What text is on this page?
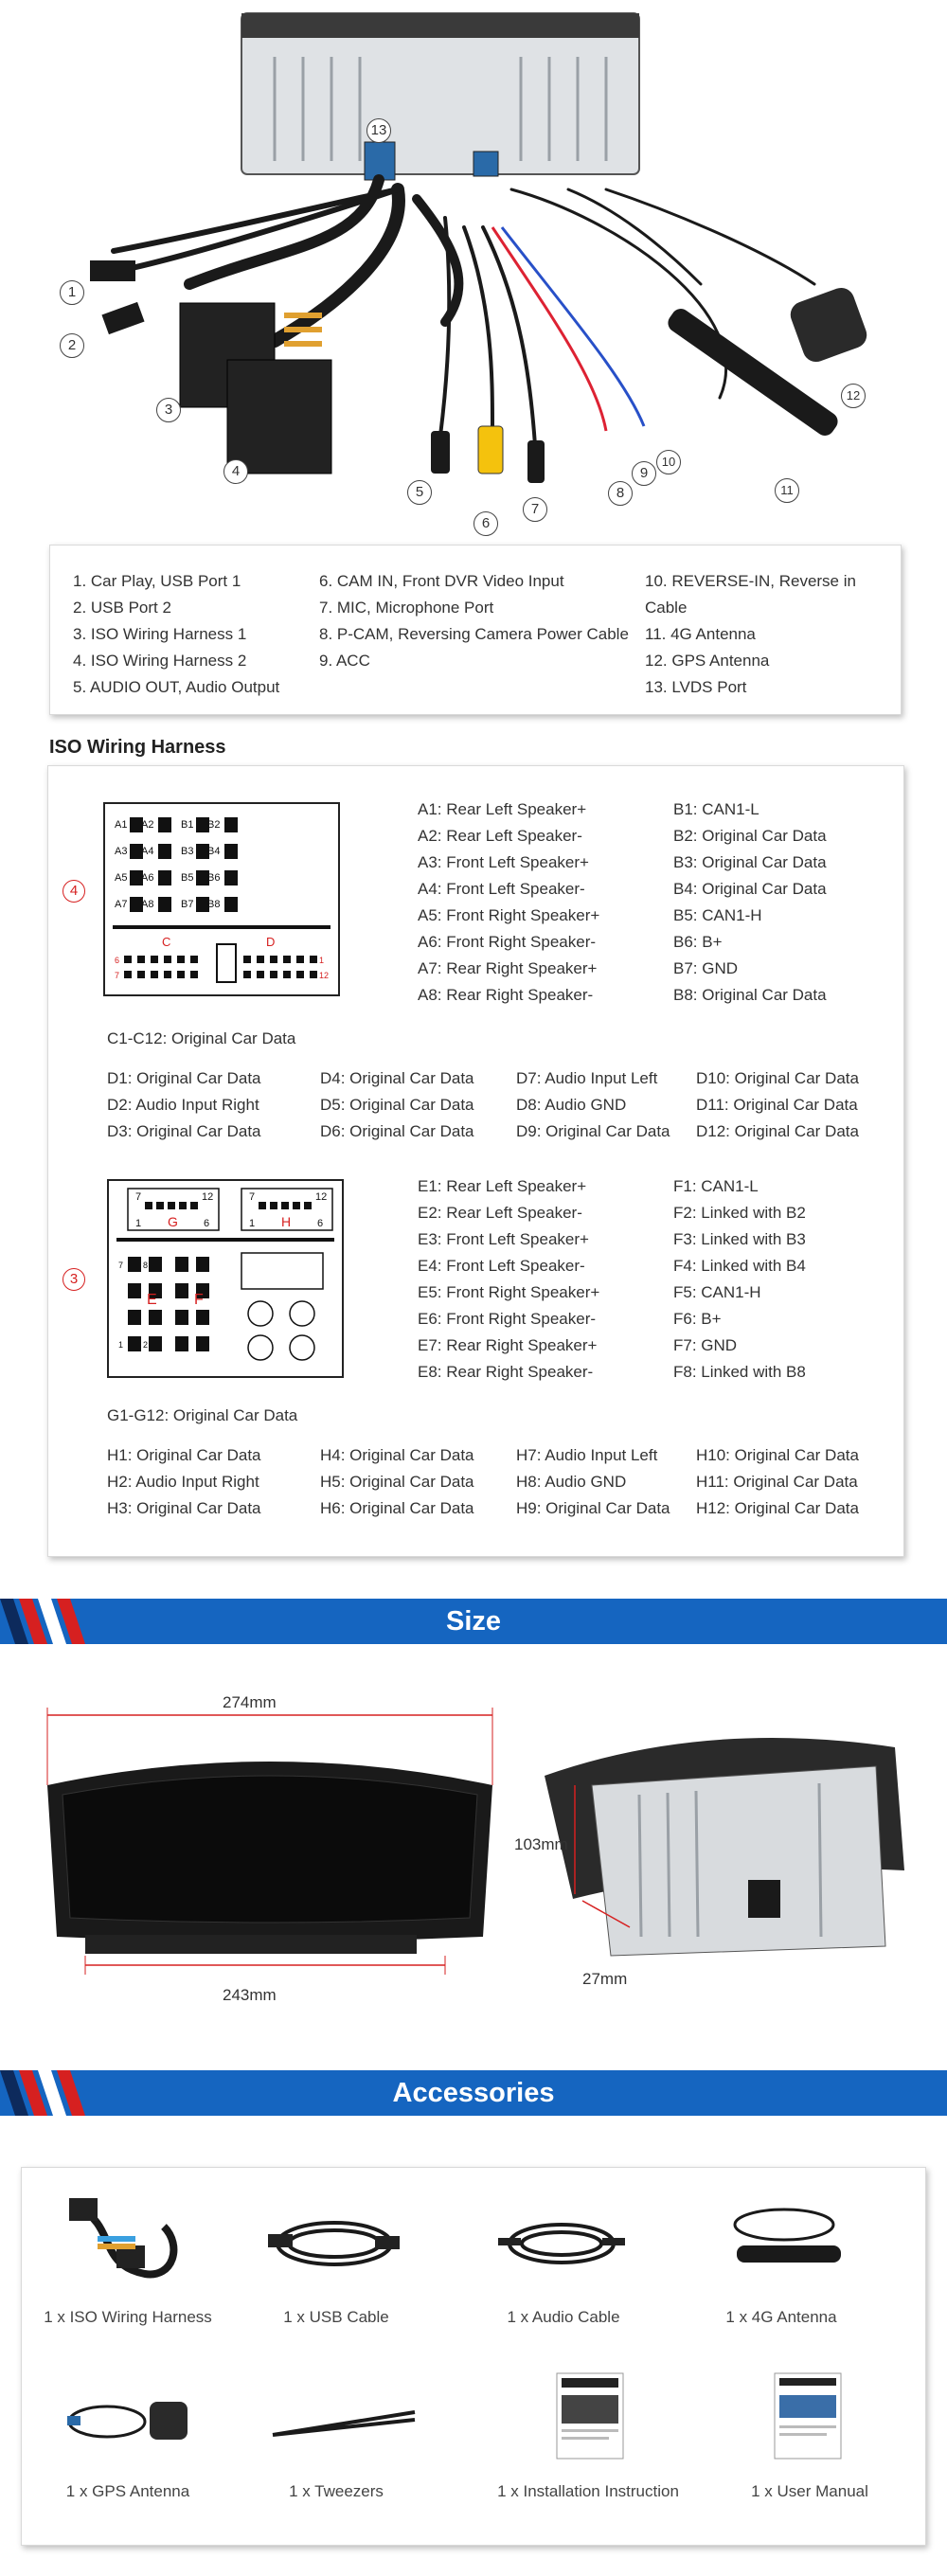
13
1
2
3
4
5
6
7
8
9
10
11
12
1. Car Play, USB Port 1
2. USB Port 2
3. ISO Wiring Harness 1
4. ISO Wiring Harness 2
5. AUDIO OUT, Audio Output
6. CAM IN, Front DVR Video Input
7. MIC, Microphone Port
8. P-CAM, Reversing Camera Power Cable
9. ACC
10. REVERSE-IN, Reverse in Cable
11. 4G Antenna
12. GPS Antenna
13. LVDS Port
ISO Wiring Harness
4
A1 A2
A3 A4
A5 A6
A7 A8
B1 B2
B3 B4
B5 B6
B7 B8
C	D
1
12
7
6
A1: Rear Left Speaker+
A2: Rear Left Speaker-
A3: Front Left Speaker+
A4: Front Left Speaker-
A5: Front Right Speaker+
A6: Front Right Speaker-
A7: Rear Right Speaker+
A8: Rear Right Speaker-
B1: CAN1-L
B2: Original Car Data
B3: Original Car Data
B4: Original Car Data
B5: CAN1-H
B6: B+
B7: GND
B8: Original Car Data
C1-C12: Original Car Data
D1: Original Car Data
D2: Audio Input Right
D3: Original Car Data
D4: Original Car Data
D5: Original Car Data
D6: Original Car Data
D7: Audio Input Left
D8: Audio GND
D9: Original Car Data
D10: Original Car Data
D11: Original Car Data
D12: Original Car Data
3
7	12	7	12
1 G 6	1 H	6
E F
7 8
1 2
E1: Rear Left Speaker+
E2: Rear Left Speaker-
E3: Front Left Speaker+
E4: Front Left Speaker-
E5: Front Right Speaker+
E6: Front Right Speaker-
E7: Rear Right Speaker+
E8: Rear Right Speaker-
F1: CAN1-L
F2: Linked with B2
F3: Linked with B3
F4: Linked with B4
F5: CAN1-H
F6: B+
F7: GND
F8: Linked with B8
G1-G12: Original Car Data
H1: Original Car Data
H2: Audio Input Right
H3: Original Car Data
H4: Original Car Data
H5: Original Car Data
H6: Original Car Data
H7: Audio Input Left
H8: Audio GND
H9: Original Car Data
H10: Original Car Data
H11: Original Car Data
H12: Original Car Data
Size
274mm
243mm
103mm
27mm
Accessories
1 x ISO Wiring Harness	1 x USB Cable	1 x Audio Cable	1 x 4G Antenna
1 x GPS Antenna	1 x Tweezers	1 x Installation Instruction	1 x User Manual
